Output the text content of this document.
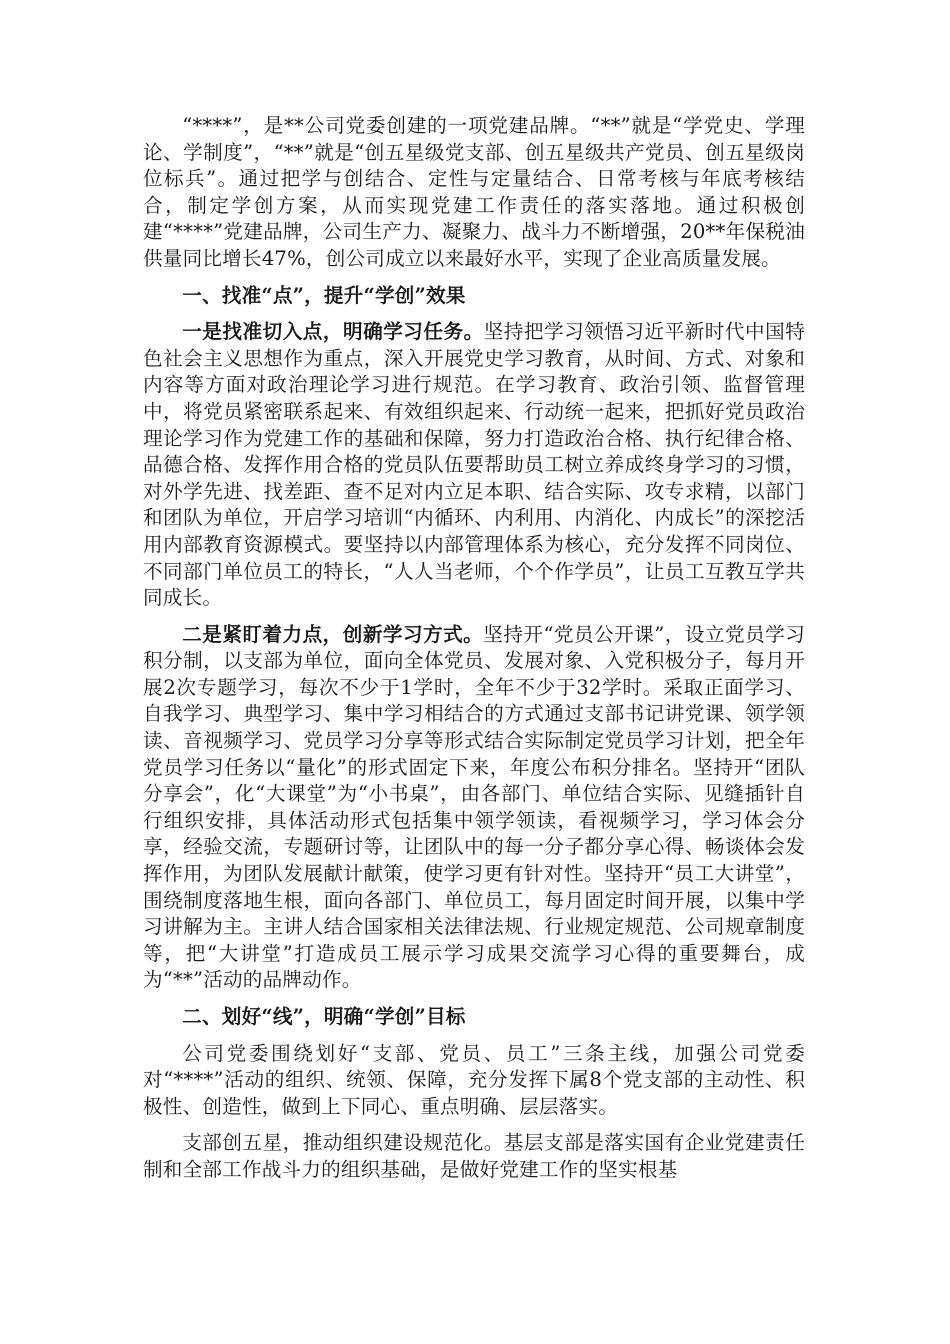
“****”，是**公司党委创建的一项党建品牌。“**”就是“学党史、学理论、学制度”，“**”就是“创五星级党支部、创五星级共产党员、创五星级岗位标兵”。通过把学与创结合、定性与定量结合、日常考核与年底考核结合，制定学创方案，从而实现党建工作责任的落实落地。通过积极创建“****”党建品牌，公司生产力、凝聚力、战斗力不断增强，20**年保税油供量同比增长47%，创公司成立以来最好水平，实现了企业高质量发展。

一、找准“点”，提升“学创”效果

一是找准切入点，明确学习任务。坚持把学习领悟习近平新时代中国特色社会主义思想作为重点，深入开展党史学习教育，从时间、方式、对象和内容等方面对政治理论学习进行规范。在学习教育、政治引领、监督管理中，将党员紧密联系起来、有效组织起来、行动统一起来，把抓好党员政治理论学习作为党建工作的基础和保障，努力打造政治合格、执行纪律合格、品德合格、发挥作用合格的党员队伍要帮助员工树立养成终身学习的习惯，对外学先进、找差距、查不足对内立足本职、结合实际、攻专求精，以部门和团队为单位，开启学习培训“内循环、内利用、内消化、内成长”的深挖活用内部教育资源模式。要坚持以内部管理体系为核心，充分发挥不同岗位、不同部门单位员工的特长，“人人当老师，个个作学员”，让员工互教互学共同成长。

二是紧盯着力点，创新学习方式。坚持开“党员公开课”，设立党员学习积分制，以支部为单位，面向全体党员、发展对象、入党积极分子，每月开展2次专题学习，每次不少于1学时，全年不少于32学时。采取正面学习、自我学习、典型学习、集中学习相结合的方式通过支部书记讲党课、领学领读、音视频学习、党员学习分享等形式结合实际制定党员学习计划，把全年党员学习任务以“量化”的形式固定下来，年度公布积分排名。坚持开“团队分享会”，化“大课堂”为“小书桌”，由各部门、单位结合实际、见缝插针自行组织安排，具体活动形式包括集中领学领读，看视频学习，学习体会分享，经验交流，专题研讨等，让团队中的每一分子都分享心得、畅谈体会发挥作用，为团队发展献计献策，使学习更有针对性。坚持开“员工大讲堂”，围绕制度落地生根，面向各部门、单位员工，每月固定时间开展，以集中学习讲解为主。主讲人结合国家相关法律法规、行业规定规范、公司规章制度等，把“大讲堂”打造成员工展示学习成果交流学习心得的重要舞台，成为“**”活动的品牌动作。

二、划好“线”，明确“学创”目标

公司党委围绕划好“支部、党员、员工”三条主线，加强公司党委对“****”活动的组织、统领、保障，充分发挥下属8个党支部的主动性、积极性、创造性，做到上下同心、重点明确、层层落实。

支部创五星，推动组织建设规范化。基层支部是落实国有企业党建责任制和全部工作战斗力的组织基础，是做好党建工作的坚实根基
